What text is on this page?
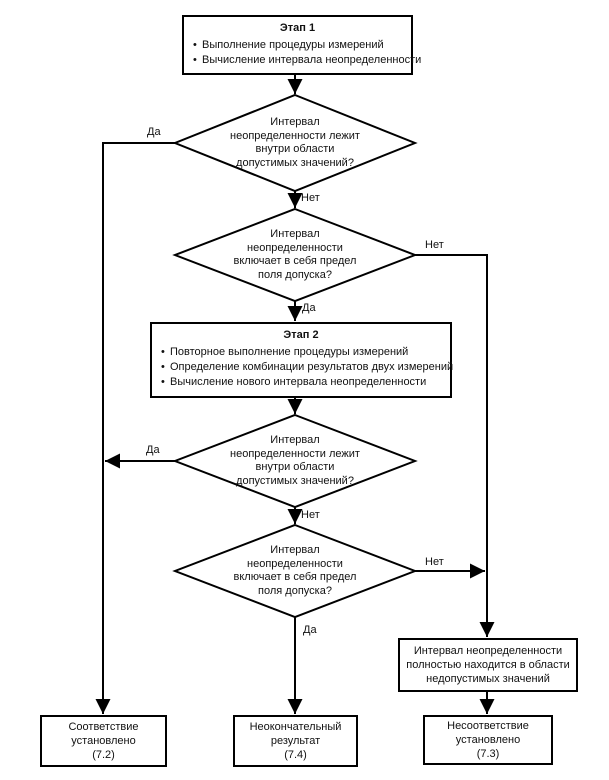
Этап 1
• Выполнение процедуры измерений
• Вычисление интервала неопределенности
Интервал
неопределенности лежит
внутри области
допустимых значений?
Да
Нет
Интервал
неопределенности
включает в себя предел
поля допуска?
Нет
Да
Этап 2
• Повторное выполнение процедуры измерений
• Определение комбинации результатов двух измерений
• Вычисление нового интервала неопределенности
Интервал
неопределенности лежит
внутри области
допустимых значений?
Да
Нет
Интервал
неопределенности
включает в себя предел
поля допуска?
Нет
Да
Интервал неопределенности
полностью находится в области
недопустимых значений
Соответствие
установлено
(7.2)
Неокончательный
результат
(7.4)
Несоответствие
установлено
(7.3)
